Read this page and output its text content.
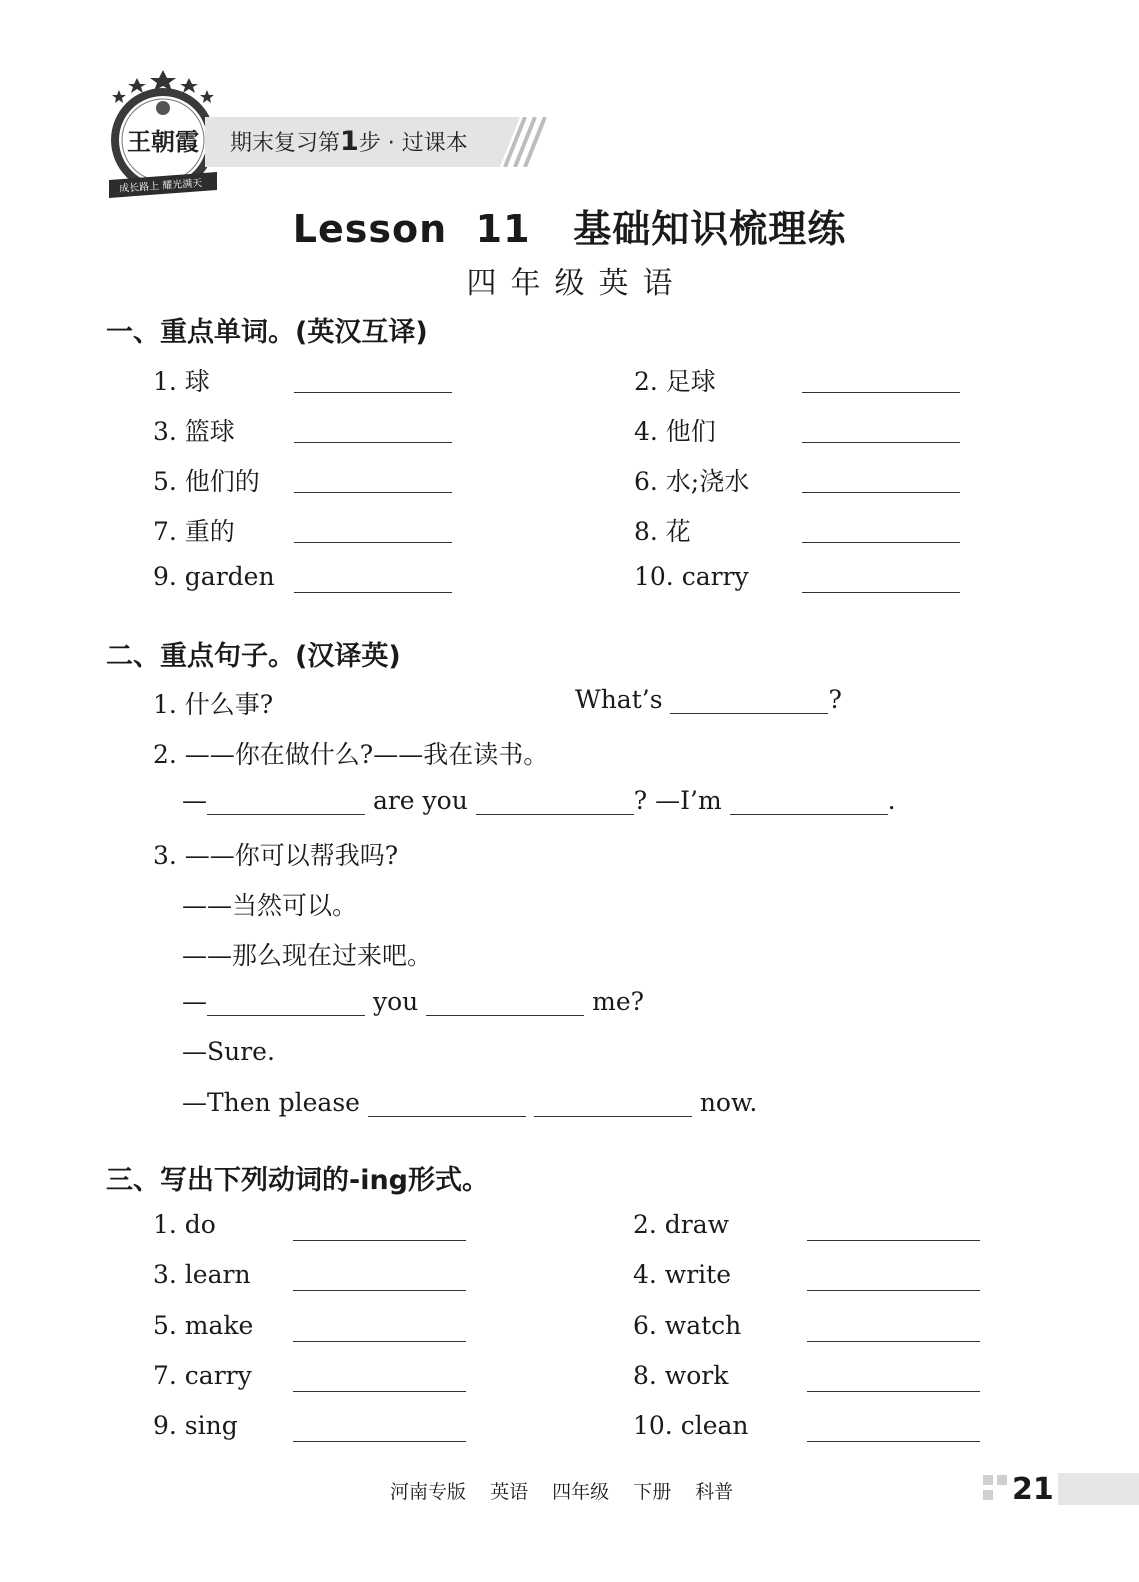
王朝霞
成长路上 耀光满天
期末复习第1步 · 过课本
Lesson  11   基础知识梳理练
四年级英语
一、重点单词。(英汉互译)
1. 球	2. 足球
3. 篮球	4. 他们
5. 他们的	6. 水;浇水
7. 重的	8. 花
9. garden	10. carry
二、重点句子。(汉译英)
1. 什么事?	What’s	?
2. ——你在做什么?——我在读书。
—	are you	? —I’m	.
3. ——你可以帮我吗?
——当然可以。
——那么现在过来吧。
—	you	me?
—Sure.
—Then please	now.
三、写出下列动词的-ing形式。
1. do	2. draw
3. learn	4. write
5. make	6. watch
7. carry	8. work
9. sing	10. clean
河南专版 英语 四年级 下册 科普	21
